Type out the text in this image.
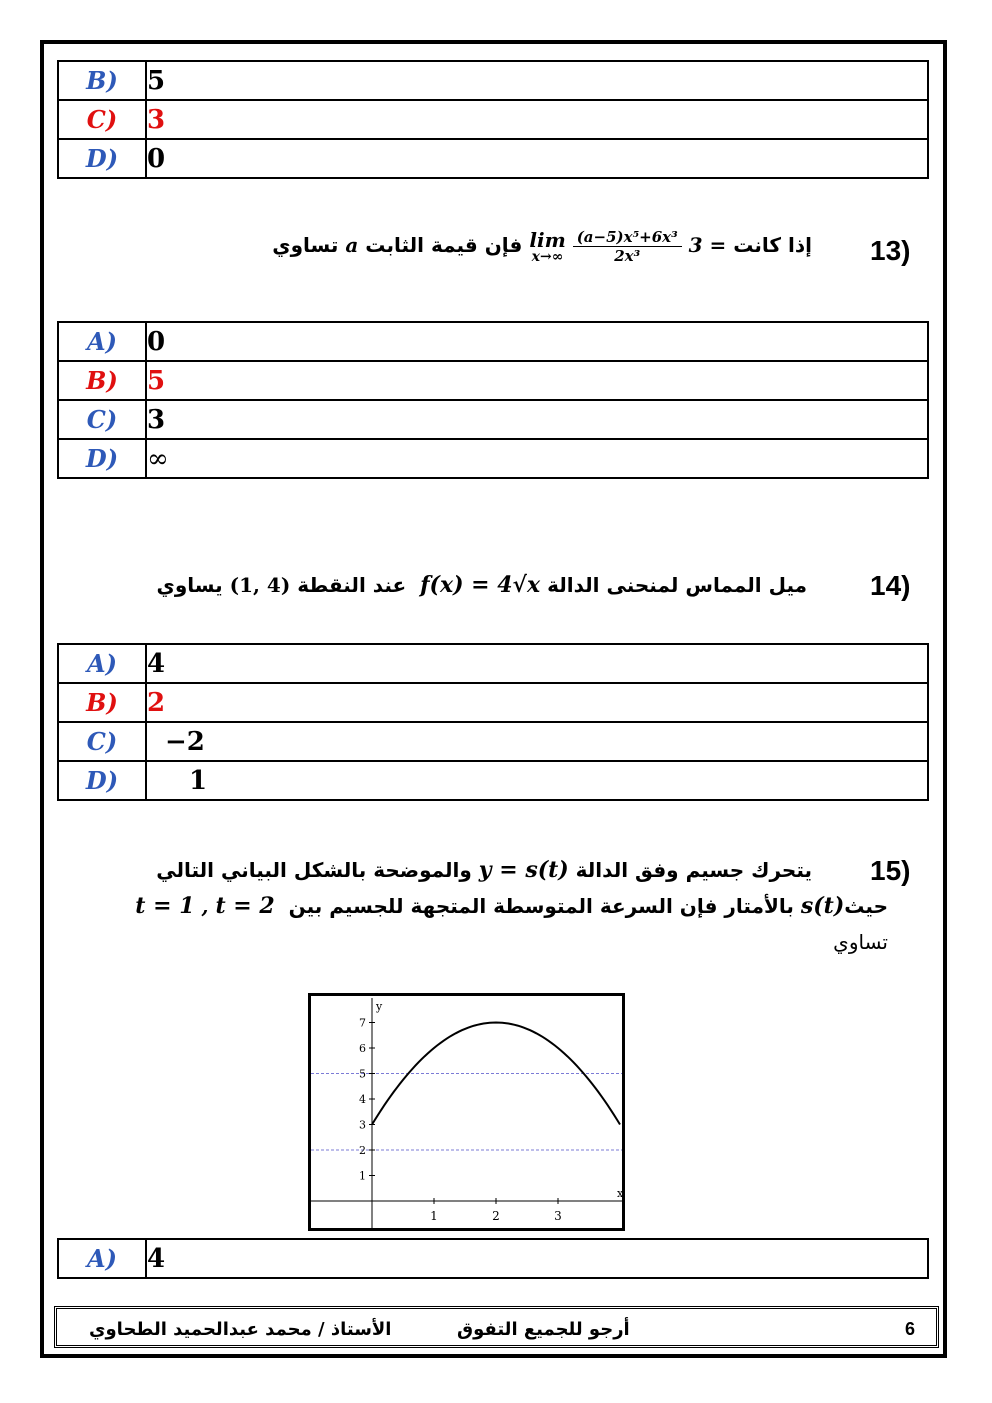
B)	5
C)	3
D)	0
13)
إذا كانت 3 = lim
x→∞
$\frac{\text{(a−5)x⁵+6x³}}{\text{2x³}}$
فإن قيمة الثابت a تساوي
A)	0
B)	5
C)	3
D)	∞
14)
ميل المماس لمنحنى الدالة f(x) = 4√x  عند النقطة (1, 4) يساوي
A)	4
B)	2
C)	−2
D)	1
15)
يتحرك جسيم وفق الدالة y = s(t) والموضحة بالشكل البياني التالي
حيثs(t) بالأمتار فإن السرعة المتوسطة المتجهة للجسيم بين  t = 1 , t = 2
تساوي
1
2
3
4
5
6
7
1	2	3
x
y
A)	4
6
أرجو للجميع التفوق
الأستاذ / محمد عبدالحميد الطحاوي
